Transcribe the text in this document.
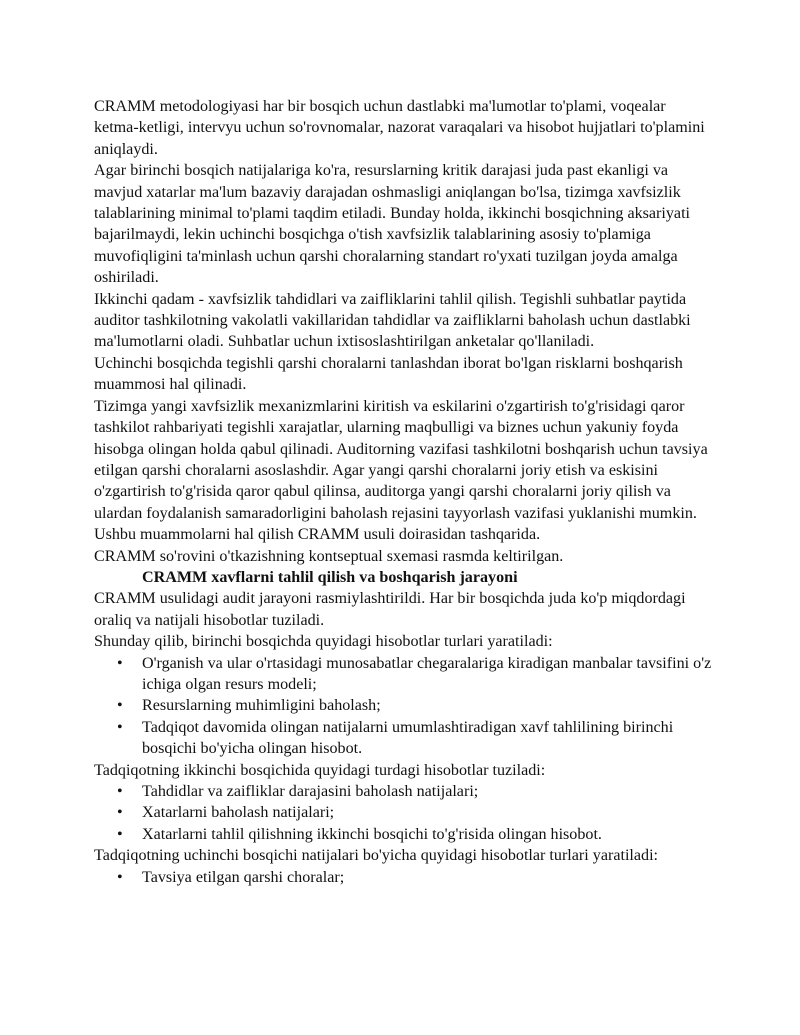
CRAMM metodologiyasi har bir bosqich uchun dastlabki ma'lumotlar to'plami, voqealar ketma-ketligi, intervyu uchun so'rovnomalar, nazorat varaqalari va hisobot hujjatlari to'plamini aniqlaydi.

Agar birinchi bosqich natijalariga ko'ra, resurslarning kritik darajasi juda past ekanligi va mavjud xatarlar ma'lum bazaviy darajadan oshmasligi aniqlangan bo'lsa, tizimga xavfsizlik talablarining minimal to'plami taqdim etiladi. Bunday holda, ikkinchi bosqichning aksariyati bajarilmaydi, lekin uchinchi bosqichga o'tish xavfsizlik talablarining asosiy to'plamiga muvofiqligini ta'minlash uchun qarshi choralarning standart ro'yxati tuzilgan joyda amalga oshiriladi.

Ikkinchi qadam - xavfsizlik tahdidlari va zaifliklarini tahlil qilish. Tegishli suhbatlar paytida auditor tashkilotning vakolatli vakillaridan tahdidlar va zaifliklarni baholash uchun dastlabki ma'lumotlarni oladi. Suhbatlar uchun ixtisoslashtirilgan anketalar qo'llaniladi.

Uchinchi bosqichda tegishli qarshi choralarni tanlashdan iborat bo'lgan risklarni boshqarish muammosi hal qilinadi.

Tizimga yangi xavfsizlik mexanizmlarini kiritish va eskilarini o'zgartirish to'g'risidagi qaror tashkilot rahbariyati tegishli xarajatlar, ularning maqbulligi va biznes uchun yakuniy foyda hisobga olingan holda qabul qilinadi. Auditorning vazifasi tashkilotni boshqarish uchun tavsiya etilgan qarshi choralarni asoslashdir. Agar yangi qarshi choralarni joriy etish va eskisini o'zgartirish to'g'risida qaror qabul qilinsa, auditorga yangi qarshi choralarni joriy qilish va ulardan foydalanish samaradorligini baholash rejasini tayyorlash vazifasi yuklanishi mumkin. Ushbu muammolarni hal qilish CRAMM usuli doirasidan tashqarida.

CRAMM so'rovini o'tkazishning kontseptual sxemasi rasmda keltirilgan.

CRAMM xavflarni tahlil qilish va boshqarish jarayoni

CRAMM usulidagi audit jarayoni rasmiylashtirildi. Har bir bosqichda juda ko'p miqdordagi oraliq va natijali hisobotlar tuziladi.

Shunday qilib, birinchi bosqichda quyidagi hisobotlar turlari yaratiladi:

• O'rganish va ular o'rtasidagi munosabatlar chegaralariga kiradigan manbalar tavsifini o'z ichiga olgan resurs modeli;
• Resurslarning muhimligini baholash;
• Tadqiqot davomida olingan natijalarni umumlashtiradigan xavf tahlilining birinchi bosqichi bo'yicha olingan hisobot.

Tadqiqotning ikkinchi bosqichida quyidagi turdagi hisobotlar tuziladi:

• Tahdidlar va zaifliklar darajasini baholash natijalari;
• Xatarlarni baholash natijalari;
• Xatarlarni tahlil qilishning ikkinchi bosqichi to'g'risida olingan hisobot.

Tadqiqotning uchinchi bosqichi natijalari bo'yicha quyidagi hisobotlar turlari yaratiladi:

• Tavsiya etilgan qarshi choralar;
